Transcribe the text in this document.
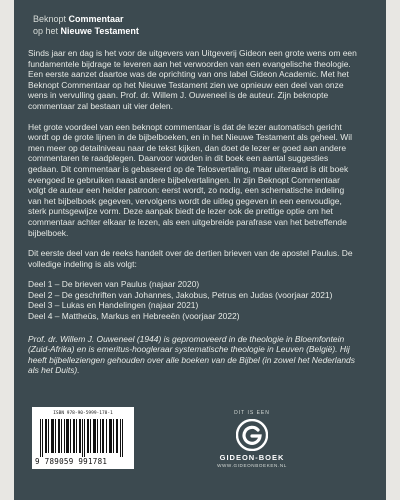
Beknopt Commentaar
op het Nieuwe Testament

Sinds jaar en dag is het voor de uitgevers van Uitgeverij Gideon een grote wens om een fundamentele bijdrage te leveren aan het verwoorden van een evangelische theologie. Een eerste aanzet daartoe was de oprichting van ons label Gideon Academic. Met het Beknopt Commentaar op het Nieuwe Testament zien we opnieuw een deel van onze wens in vervulling gaan. Prof. dr. Willem J. Ouweneel is de auteur. Zijn beknopte commentaar zal bestaan uit vier delen.

Het grote voordeel van een beknopt commentaar is dat de lezer automatisch gericht wordt op de grote lijnen in de bijbelboeken, en in het Nieuwe Testament als geheel. Wil men meer op detailniveau naar de tekst kijken, dan doet de lezer er goed aan andere commentaren te raadplegen. Daarvoor worden in dit boek een aantal suggesties gedaan. Dit commentaar is gebaseerd op de Telosvertaling, maar uiteraard is dit boek evengoed te gebruiken naast andere bijbelvertalingen. In zijn Beknopt Commentaar volgt de auteur een helder patroon: eerst wordt, zo nodig, een schematische indeling van het bijbelboek gegeven, vervolgens wordt de uitleg gegeven in een eenvoudige, sterk puntsgewijze vorm. Deze aanpak biedt de lezer ook de prettige optie om het commentaar achter elkaar te lezen, als een uitgebreide parafrase van het betreffende bijbelboek.

Dit eerste deel van de reeks handelt over de dertien brieven van de apostel Paulus. De volledige indeling is als volgt:

Deel 1 – De brieven van Paulus (najaar 2020)
Deel 2 – De geschriften van Johannes, Jakobus, Petrus en Judas (voorjaar 2021)
Deel 3 – Lukas en Handelingen (najaar 2021)
Deel 4 – Mattheüs, Markus en Hebreeën (voorjaar 2022)

Prof. dr. Willem J. Ouweneel (1944) is gepromoveerd in de theologie in Bloemfontein (Zuid-Afrika) en is emeritus-hoogleraar systematische theologie in Leuven (België). Hij heeft bijbelleziengen gehouden over alle boeken van de Bijbel (in zowel het Nederlands als het Duits).

ISBN 978-90-5999-178-1
9 789059 991781
DIT IS EEN
GIDEON-BOEK
WWW.GIDEONBOEKEN.NL
